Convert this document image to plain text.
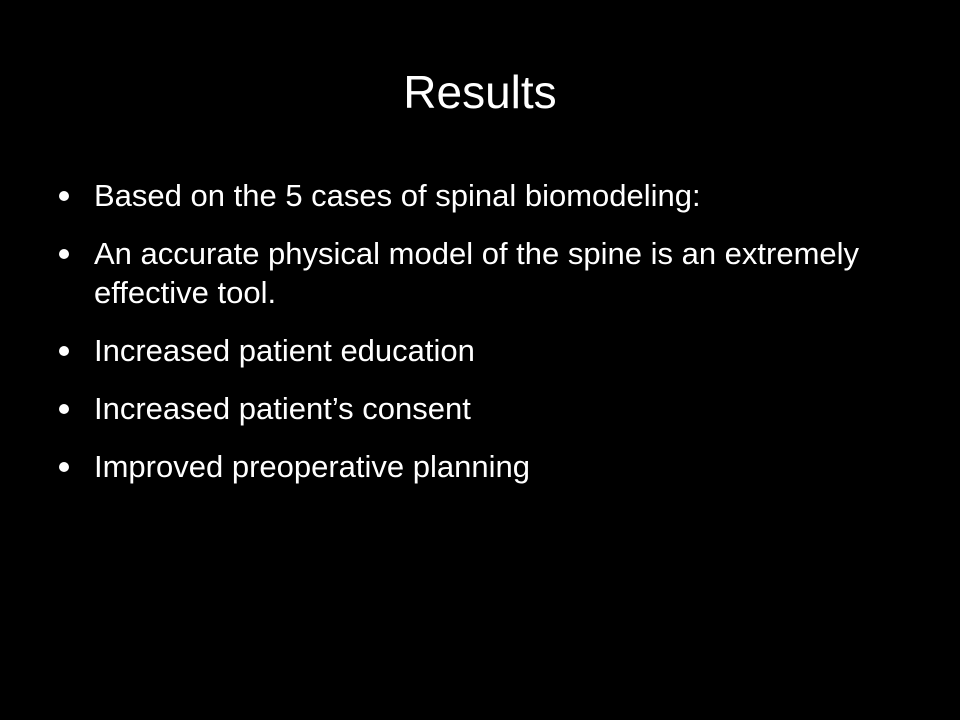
Results
Based on the 5 cases of spinal biomodeling:
An accurate physical model of the spine is an extremely effective tool.
Increased patient education
Increased patient’s consent
Improved preoperative planning
